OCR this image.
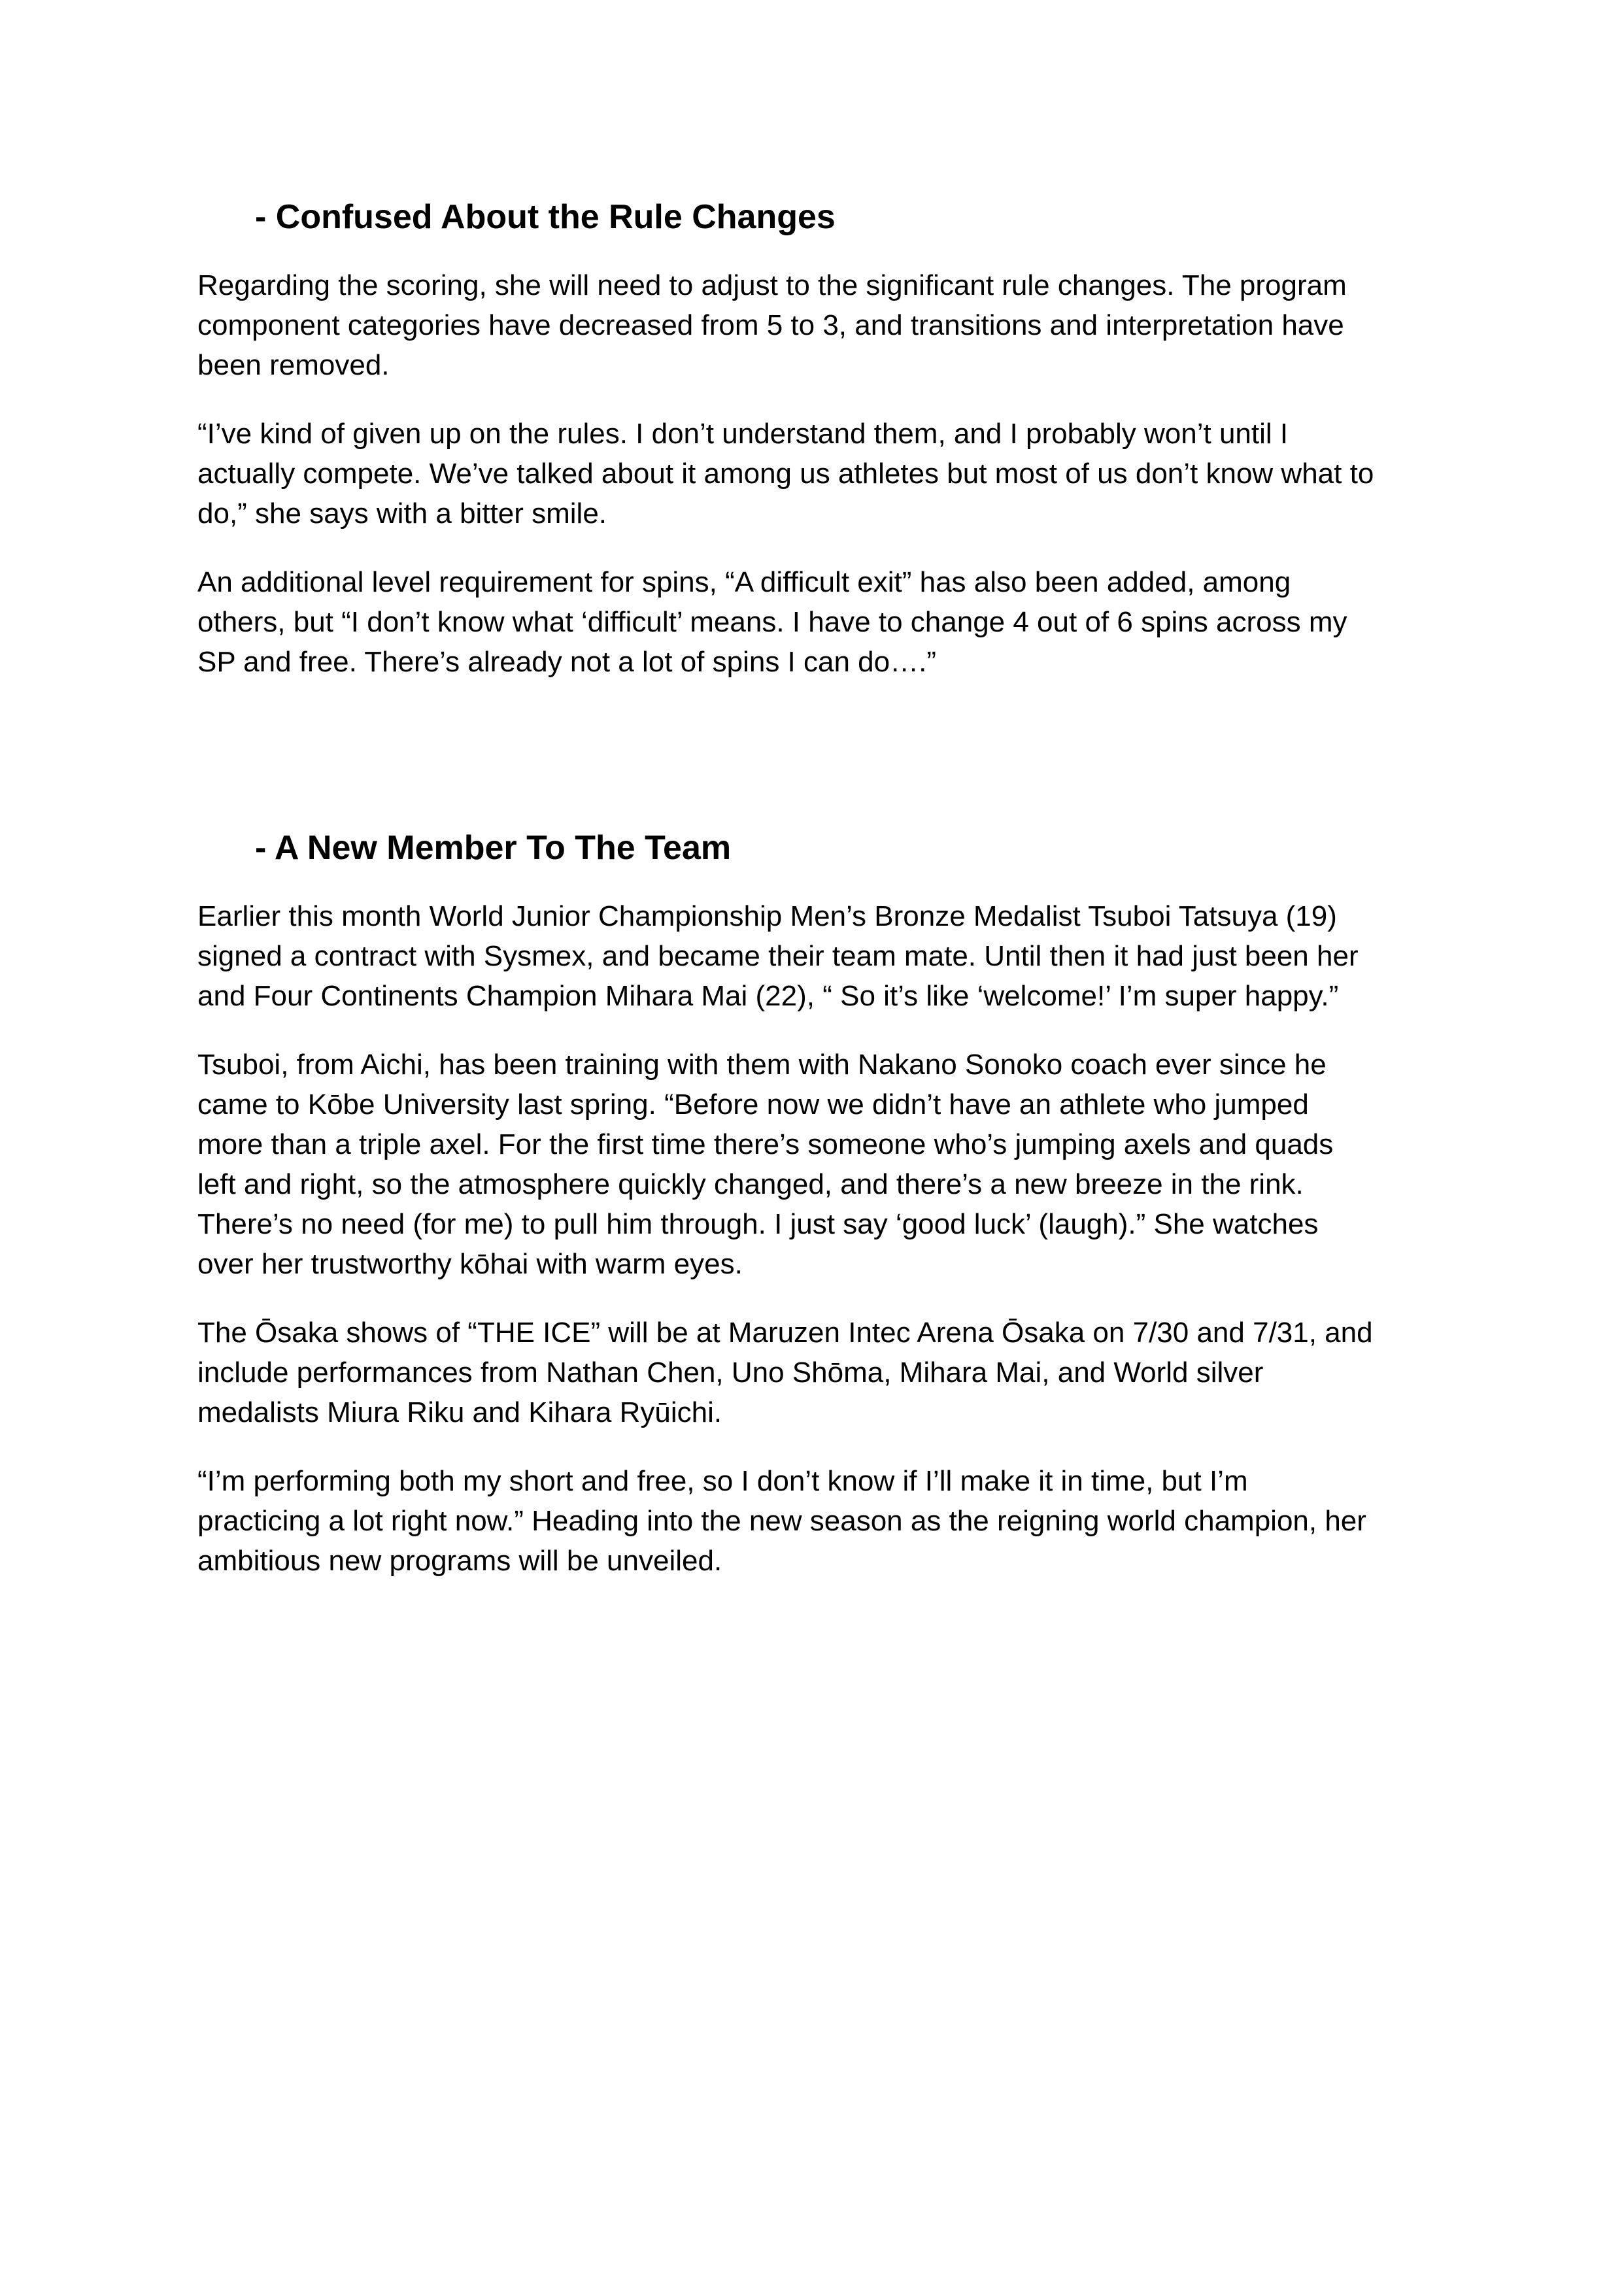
- Confused About the Rule Changes

Regarding the scoring, she will need to adjust to the significant rule changes. The program
component categories have decreased from 5 to 3, and transitions and interpretation have
been removed.

“I’ve kind of given up on the rules. I don’t understand them, and I probably won’t until I
actually compete. We’ve talked about it among us athletes but most of us don’t know what to
do,” she says with a bitter smile.

An additional level requirement for spins, “A difficult exit” has also been added, among
others, but “I don’t know what ‘difficult’ means. I have to change 4 out of 6 spins across my
SP and free. There’s already not a lot of spins I can do….”

- A New Member To The Team

Earlier this month World Junior Championship Men’s Bronze Medalist Tsuboi Tatsuya (19)
signed a contract with Sysmex, and became their team mate. Until then it had just been her
and Four Continents Champion Mihara Mai (22), “ So it’s like ‘welcome!’ I’m super happy.”

Tsuboi, from Aichi, has been training with them with Nakano Sonoko coach ever since he
came to Kōbe University last spring. “Before now we didn’t have an athlete who jumped
more than a triple axel. For the first time there’s someone who’s jumping axels and quads
left and right, so the atmosphere quickly changed, and there’s a new breeze in the rink.
There’s no need (for me) to pull him through. I just say ‘good luck’ (laugh).” She watches
over her trustworthy kōhai with warm eyes.

The Ōsaka shows of “THE ICE” will be at Maruzen Intec Arena Ōsaka on 7/30 and 7/31, and
include performances from Nathan Chen, Uno Shōma, Mihara Mai, and World silver
medalists Miura Riku and Kihara Ryūichi.

“I’m performing both my short and free, so I don’t know if I’ll make it in time, but I’m
practicing a lot right now.” Heading into the new season as the reigning world champion, her
ambitious new programs will be unveiled.
